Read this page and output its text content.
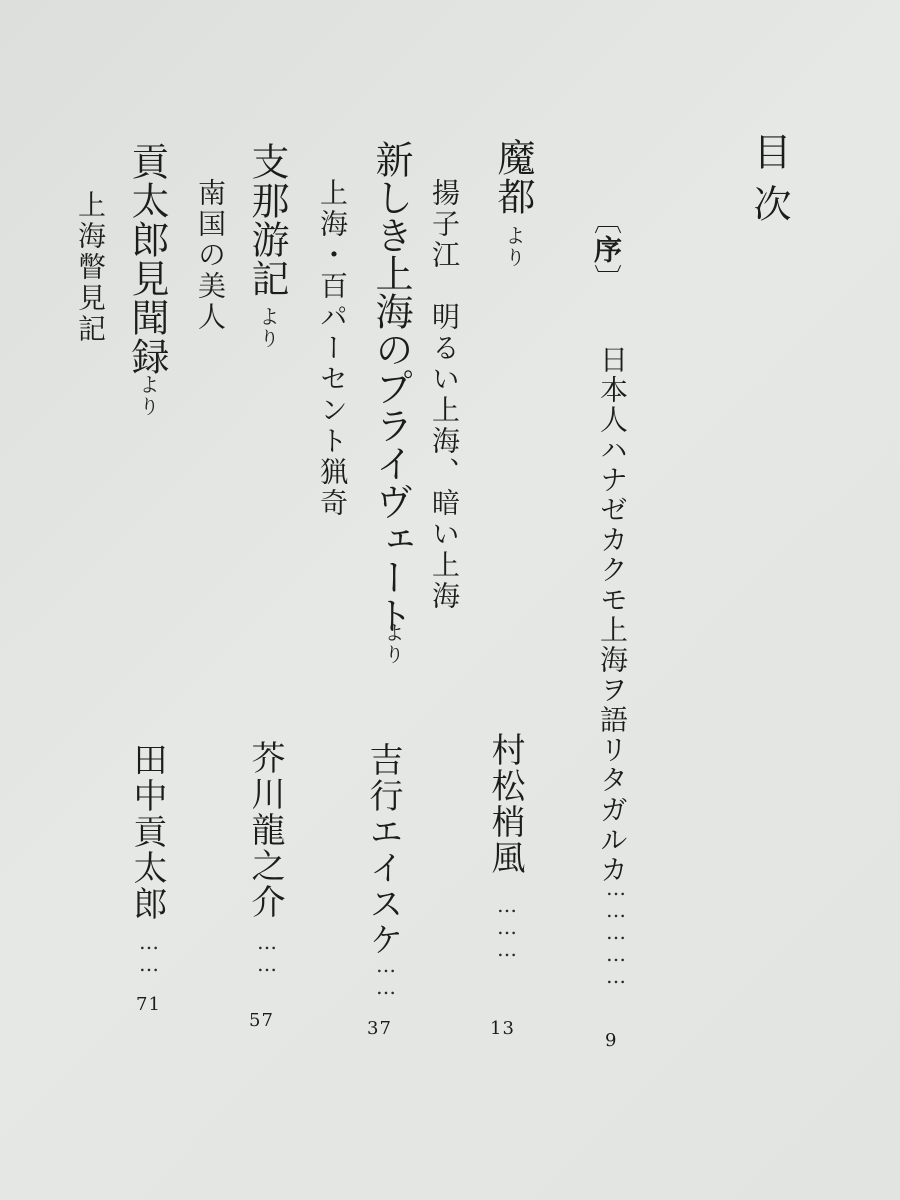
目次
〔序〕
日本人ハナゼカクモ上海ヲ語リタガルカ
……………
9
魔都
より
揚子江　明るい上海、暗い上海
村松梢風
………
13
新しき上海のプライヴェート
より
上海・百パーセント猟奇
吉行エイスケ
……
37
支那游記
より
南国の美人
芥川龍之介
……
57
貢太郎見聞録
より
上海瞥見記
田中貢太郎
……
71
